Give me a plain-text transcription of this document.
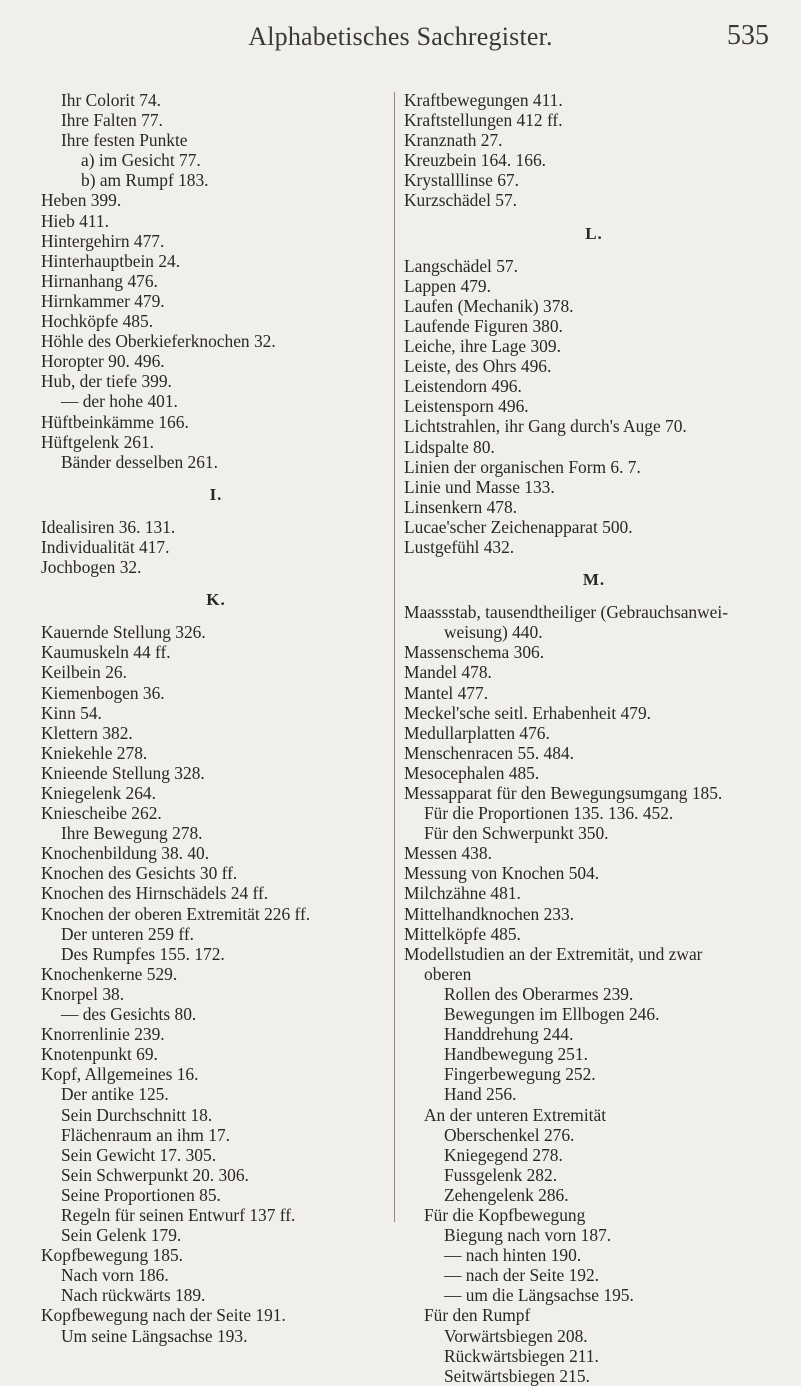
Alphabetisches Sachregister.	535
Ihr Colorit 74.
Ihre Falten 77.
Ihre festen Punkte
a) im Gesicht 77.
b) am Rumpf 183.
Heben 399.
Hieb 411.
Hintergehirn 477.
Hinterhauptbein 24.
Hirnanhang 476.
Hirnkammer 479.
Hochköpfe 485.
Höhle des Oberkieferknochen 32.
Horopter 90. 496.
Hub, der tiefe 399.
— der hohe 401.
Hüftbeinkämme 166.
Hüftgelenk 261.
Bänder desselben 261.
I.
Idealisiren 36. 131.
Individualität 417.
Jochbogen 32.
K.
Kauernde Stellung 326.
Kaumuskeln 44 ff.
Keilbein 26.
Kiemenbogen 36.
Kinn 54.
Klettern 382.
Kniekehle 278.
Knieende Stellung 328.
Kniegelenk 264.
Kniescheibe 262.
Ihre Bewegung 278.
Knochenbildung 38. 40.
Knochen des Gesichts 30 ff.
Knochen des Hirnschädels 24 ff.
Knochen der oberen Extremität 226 ff.
Der unteren 259 ff.
Des Rumpfes 155. 172.
Knochenkerne 529.
Knorpel 38.
— des Gesichts 80.
Knorrenlinie 239.
Knotenpunkt 69.
Kopf, Allgemeines 16.
Der antike 125.
Sein Durchschnitt 18.
Flächenraum an ihm 17.
Sein Gewicht 17. 305.
Sein Schwerpunkt 20. 306.
Seine Proportionen 85.
Regeln für seinen Entwurf 137 ff.
Sein Gelenk 179.
Kopfbewegung 185.
Nach vorn 186.
Nach rückwärts 189.
Kopfbewegung nach der Seite 191.
Um seine Längsachse 193.
Kraftbewegungen 411.
Kraftstellungen 412 ff.
Kranznath 27.
Kreuzbein 164. 166.
Krystalllinse 67.
Kurzschädel 57.
L.
Langschädel 57.
Lappen 479.
Laufen (Mechanik) 378.
Laufende Figuren 380.
Leiche, ihre Lage 309.
Leiste, des Ohrs 496.
Leistendorn 496.
Leistensporn 496.
Lichtstrahlen, ihr Gang durch's Auge 70.
Lidspalte 80.
Linien der organischen Form 6. 7.
Linie und Masse 133.
Linsenkern 478.
Lucae'scher Zeichenapparat 500.
Lustgefühl 432.
M.
Maassstab, tausendtheiliger (Gebrauchsanwei-
weisung) 440.
Massenschema 306.
Mandel 478.
Mantel 477.
Meckel'sche seitl. Erhabenheit 479.
Medullarplatten 476.
Menschenracen 55. 484.
Mesocephalen 485.
Messapparat für den Bewegungsumgang 185.
Für die Proportionen 135. 136. 452.
Für den Schwerpunkt 350.
Messen 438.
Messung von Knochen 504.
Milchzähne 481.
Mittelhandknochen 233.
Mittelköpfe 485.
Modellstudien an der Extremität, und zwar
oberen
Rollen des Oberarmes 239.
Bewegungen im Ellbogen 246.
Handdrehung 244.
Handbewegung 251.
Fingerbewegung 252.
Hand 256.
An der unteren Extremität
Oberschenkel 276.
Kniegegend 278.
Fussgelenk 282.
Zehengelenk 286.
Für die Kopfbewegung
Biegung nach vorn 187.
— nach hinten 190.
— nach der Seite 192.
— um die Längsachse 195.
Für den Rumpf
Vorwärtsbiegen 208.
Rückwärtsbiegen 211.
Seitwärtsbiegen 215.
